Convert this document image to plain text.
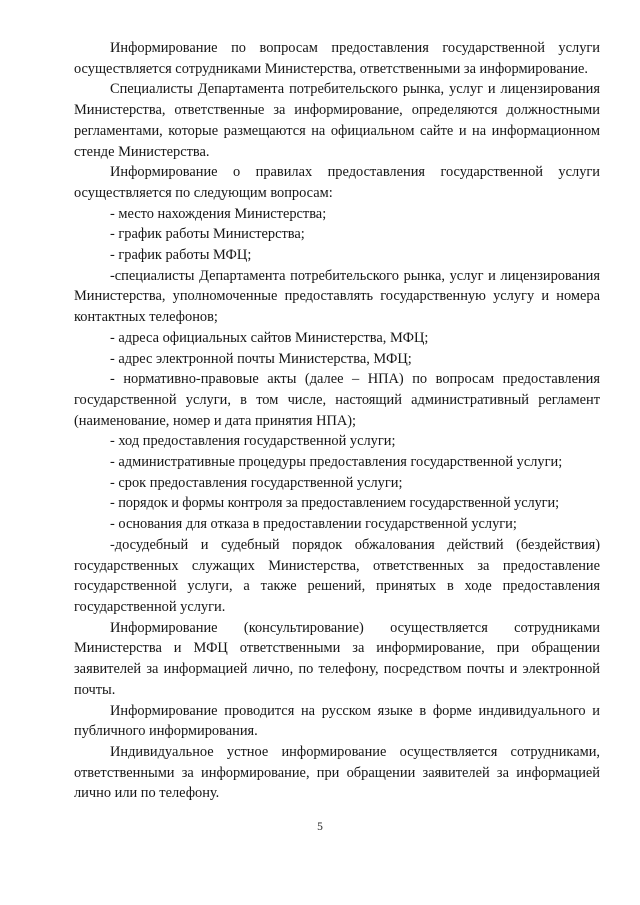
Информирование по вопросам предоставления государственной услуги осуществляется сотрудниками Министерства, ответственными за информирование.

Специалисты Департамента потребительского рынка, услуг и лицензирования Министерства, ответственные за информирование, определяются должностными регламентами, которые размещаются на официальном сайте и на информационном стенде Министерства.

Информирование о правилах предоставления государственной услуги осуществляется по следующим вопросам:

- место нахождения Министерства;

- график работы Министерства;

- график работы МФЦ;

-специалисты Департамента потребительского рынка, услуг и лицензирования Министерства, уполномоченные предоставлять государственную услугу и номера контактных телефонов;

- адреса официальных сайтов Министерства, МФЦ;

- адрес электронной почты Министерства, МФЦ;

- нормативно-правовые акты (далее – НПА) по вопросам предоставления государственной услуги, в том числе, настоящий административный регламент (наименование, номер и дата принятия НПА);

- ход предоставления государственной услуги;

- административные процедуры предоставления государственной услуги;

- срок предоставления государственной услуги;

- порядок и формы контроля за предоставлением государственной услуги;

- основания для отказа в предоставлении государственной услуги;

-досудебный и судебный порядок обжалования действий (бездействия) государственных служащих Министерства, ответственных за предоставление государственной услуги, а также решений, принятых в ходе предоставления государственной услуги.

Информирование (консультирование) осуществляется сотрудниками Министерства и МФЦ ответственными за информирование, при обращении заявителей за информацией лично, по телефону, посредством почты и электронной почты.

Информирование проводится на русском языке в форме индивидуального и публичного информирования.

Индивидуальное устное информирование осуществляется сотрудниками, ответственными за информирование, при обращении заявителей за информацией лично или по телефону.

5
